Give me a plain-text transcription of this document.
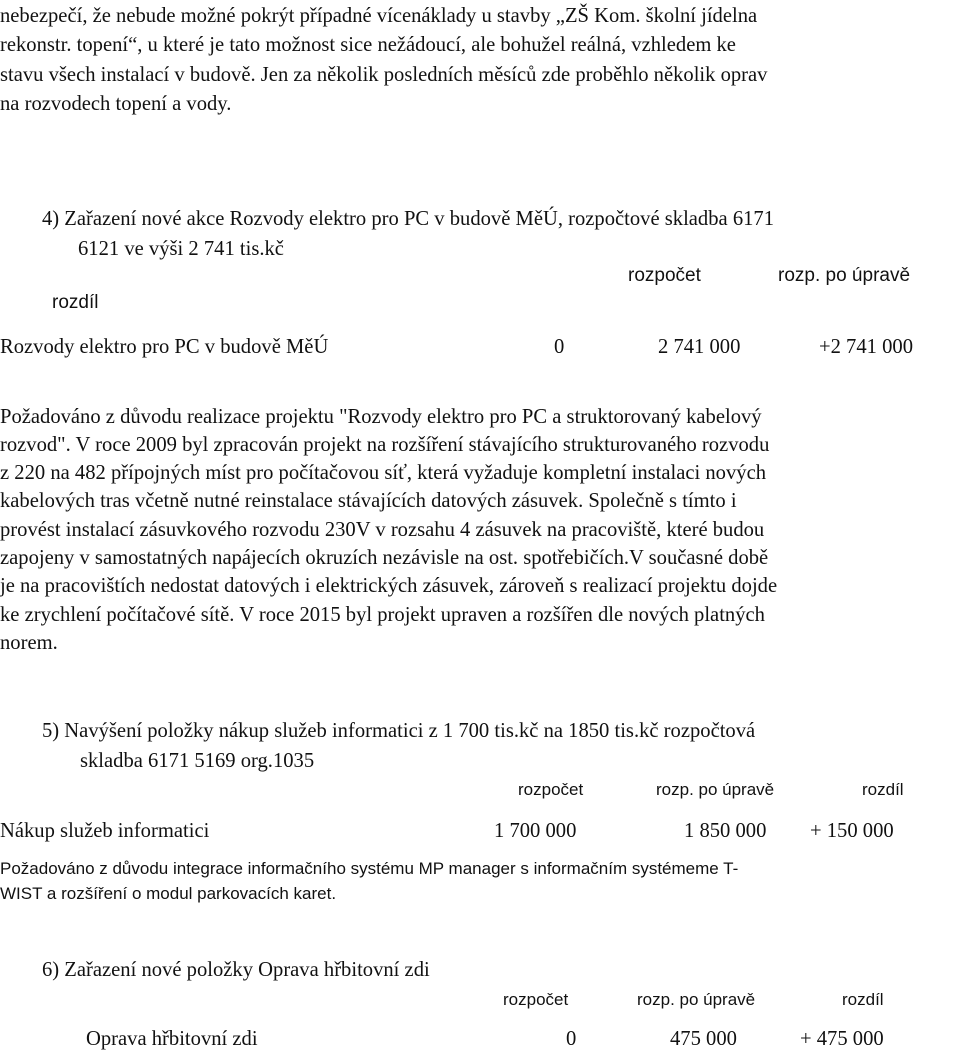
nebezpečí, že nebude možné pokrýt případné vícenáklady u stavby „ZŠ Kom. školní jídelna
rekonstr. topení“, u které je tato možnost sice nežádoucí, ale bohužel reálná, vzhledem ke
stavu všech instalací v budově. Jen za několik posledních měsíců zde proběhlo několik oprav
na rozvodech topení a vody.
4) Zařazení nové akce Rozvody elektro pro PC v budově MěÚ, rozpočtové skladba 6171
6121 ve výši 2 741 tis.kč
rozpočet	rozp. po úpravě
rozdíl
Rozvody elektro pro PC v budově MěÚ	0	2 741 000	+2 741 000
Požadováno z důvodu realizace projektu "Rozvody elektro pro PC a struktorovaný kabelový
rozvod". V roce 2009 byl zpracován projekt na rozšíření stávajícího strukturovaného rozvodu
z 220 na 482 přípojných míst pro počítačovou síť, která vyžaduje kompletní instalaci nových
kabelových tras včetně nutné reinstalace stávajících datových zásuvek. Společně s tímto i
provést instalací zásuvkového rozvodu 230V v rozsahu 4 zásuvek na pracoviště, které budou
zapojeny v samostatných napájecích okruzích nezávisle na ost. spotřebičích.V současné době
je na pracovištích nedostat datových i elektrických zásuvek, zároveň s realizací projektu dojde
ke zrychlení počítačové sítě. V roce 2015 byl projekt upraven a rozšířen dle nových platných
norem.
5) Navýšení položky nákup služeb informatici z 1 700 tis.kč na 1850 tis.kč rozpočtová
skladba 6171 5169 org.1035
rozpočet	rozp. po úpravě	rozdíl
Nákup služeb informatici	1 700 000	1 850 000 + 150 000
Požadováno z důvodu integrace informačního systému MP manager s informačním systémeme T-
WIST a rozšíření o modul parkovacích karet.
6) Zařazení nové položky Oprava hřbitovní zdi
rozpočet	rozp. po úpravě	rozdíl
Oprava hřbitovní zdi	0	475 000	+ 475 000
